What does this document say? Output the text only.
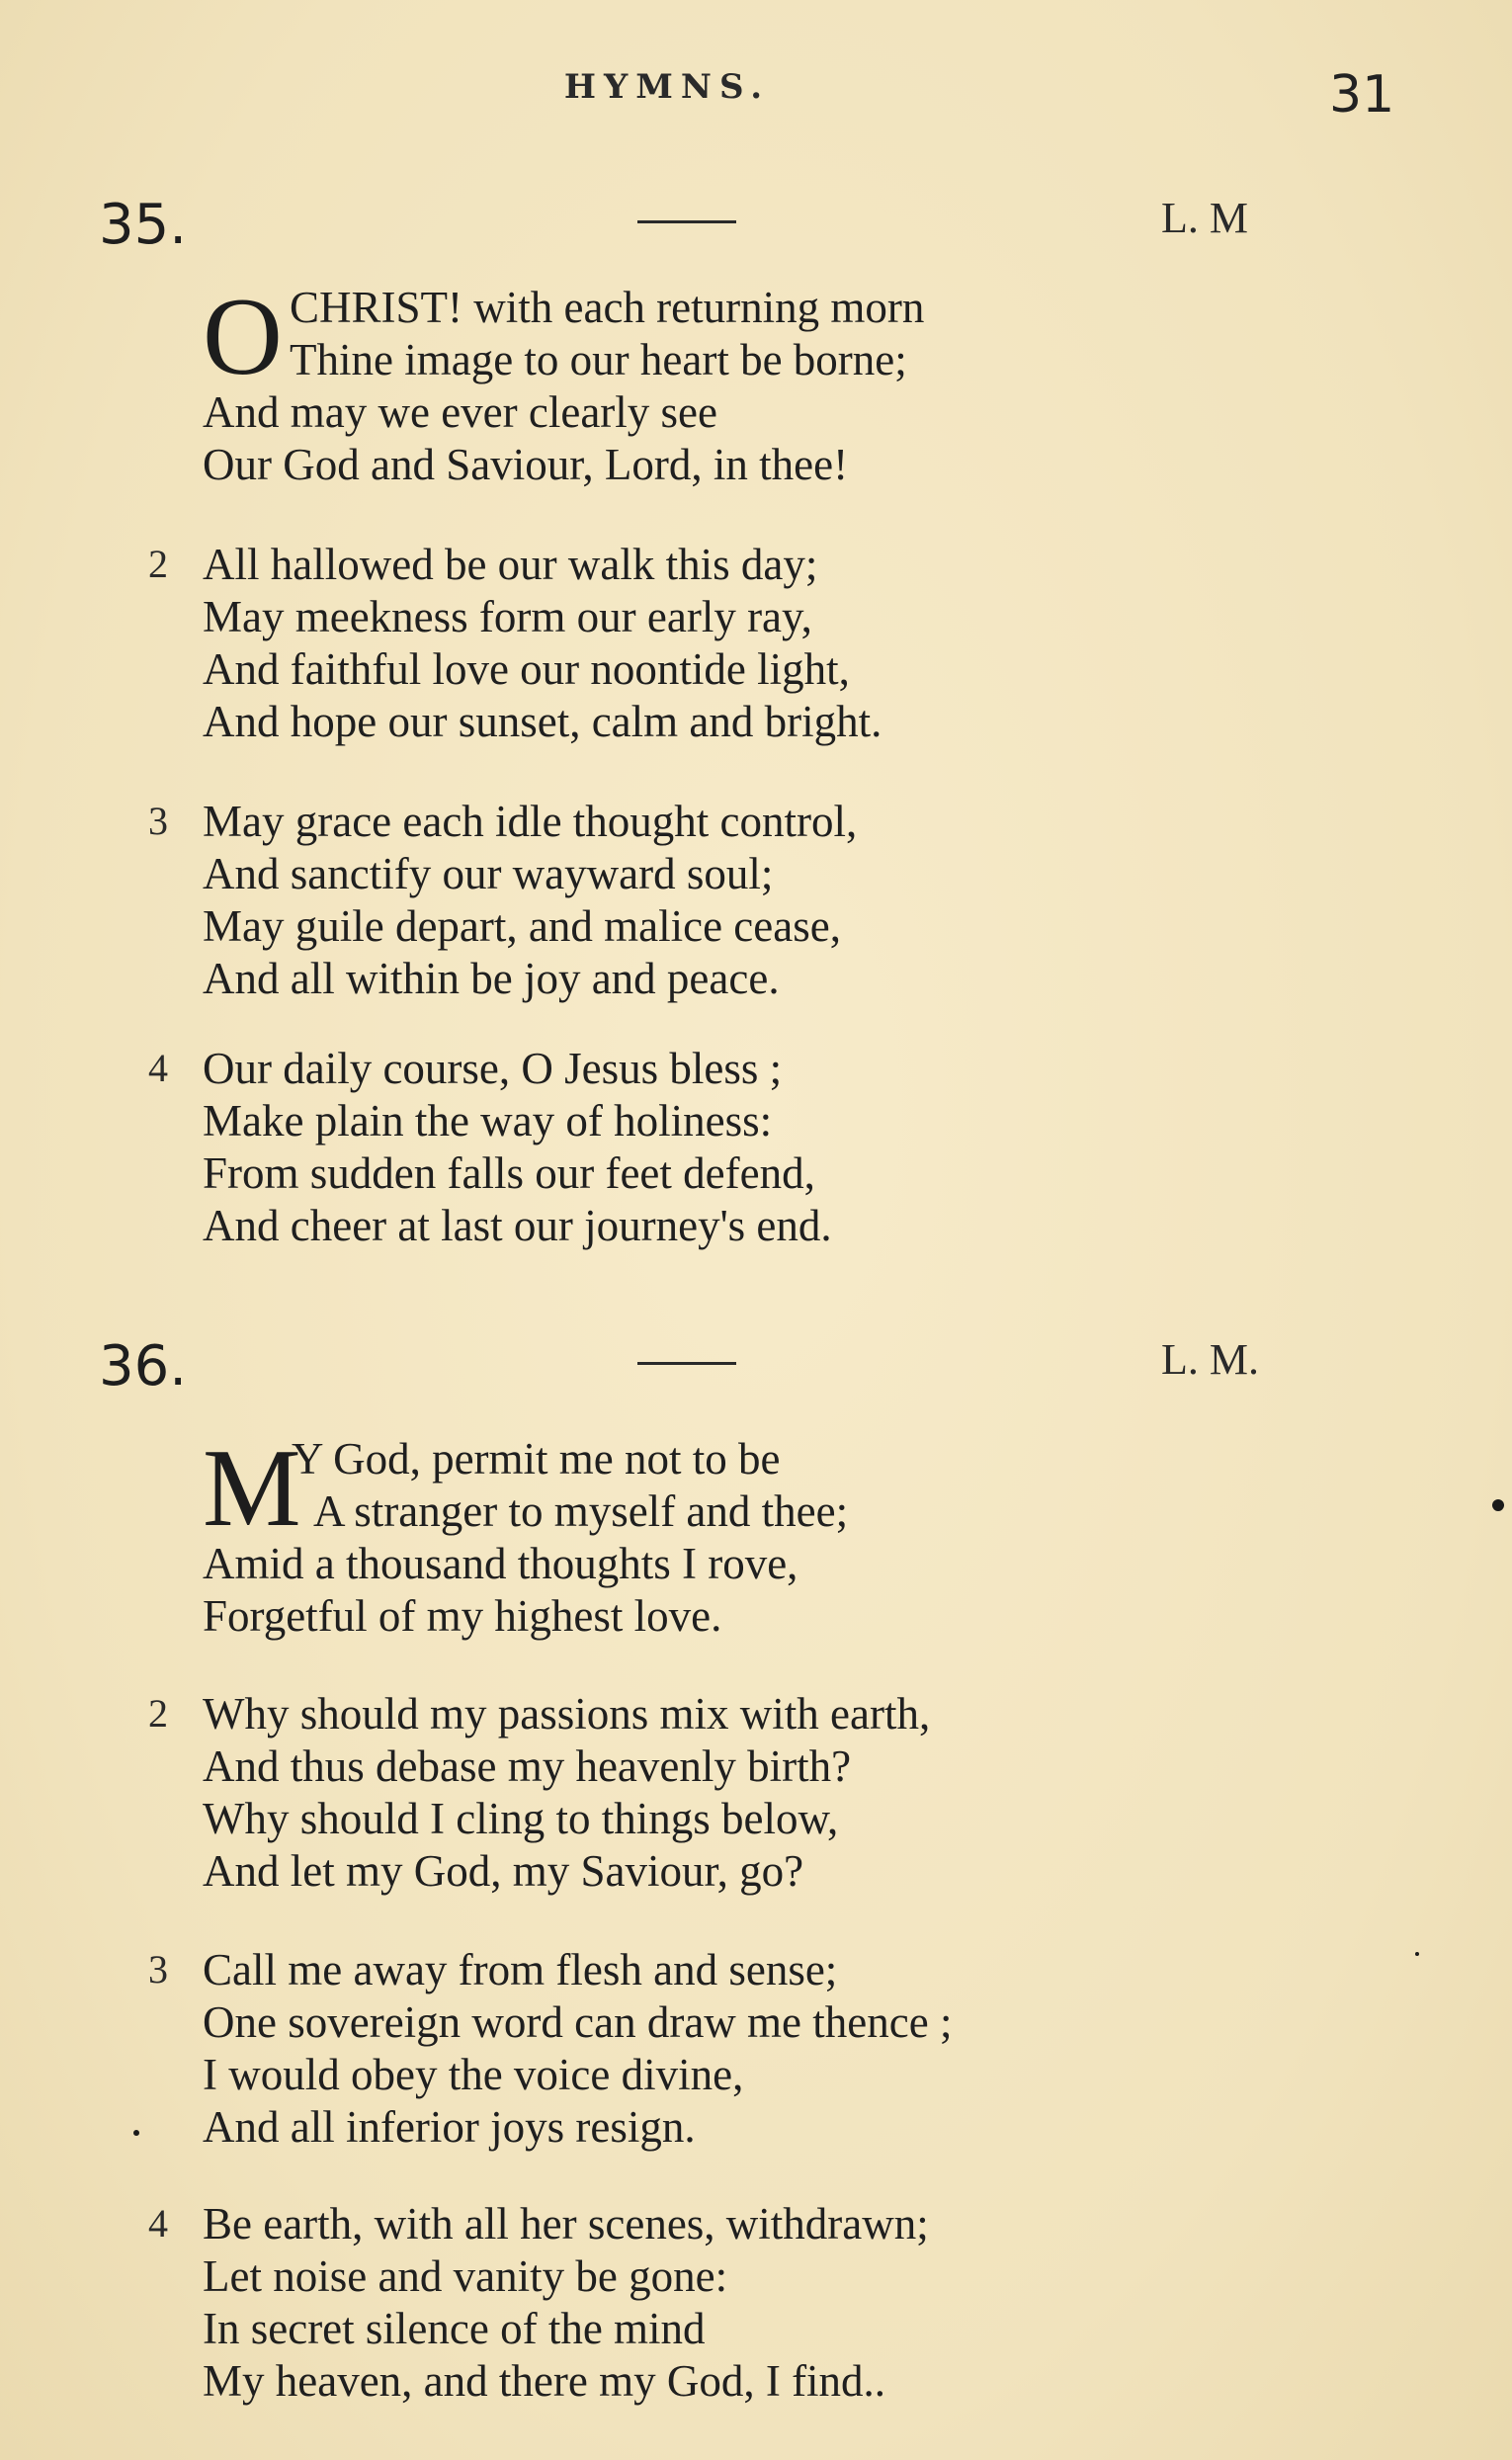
HYMNS.	31
35.	L. M
O CHRIST! with each returning morn
Thine image to our heart be borne;
And may we ever clearly see
Our God and Saviour, Lord, in thee!
2 All hallowed be our walk this day;
May meekness form our early ray,
And faithful love our noontide light,
And hope our sunset, calm and bright.
3 May grace each idle thought control,
And sanctify our wayward soul;
May guile depart, and malice cease,
And all within be joy and peace.
4 Our daily course, O Jesus bless ;
Make plain the way of holiness:
From sudden falls our feet defend,
And cheer at last our journey's end.
36.	L. M.
M
Y God, permit me not to be
A stranger to myself and thee;
Amid a thousand thoughts I rove,
Forgetful of my highest love.
2 Why should my passions mix with earth,
And thus debase my heavenly birth?
Why should I cling to things below,
And let my God, my Saviour, go?
3 Call me away from flesh and sense;
One sovereign word can draw me thence ;
I would obey the voice divine,
And all inferior joys resign.
4 Be earth, with all her scenes, withdrawn;
Let noise and vanity be gone:
In secret silence of the mind
My heaven, and there my God, I find..
